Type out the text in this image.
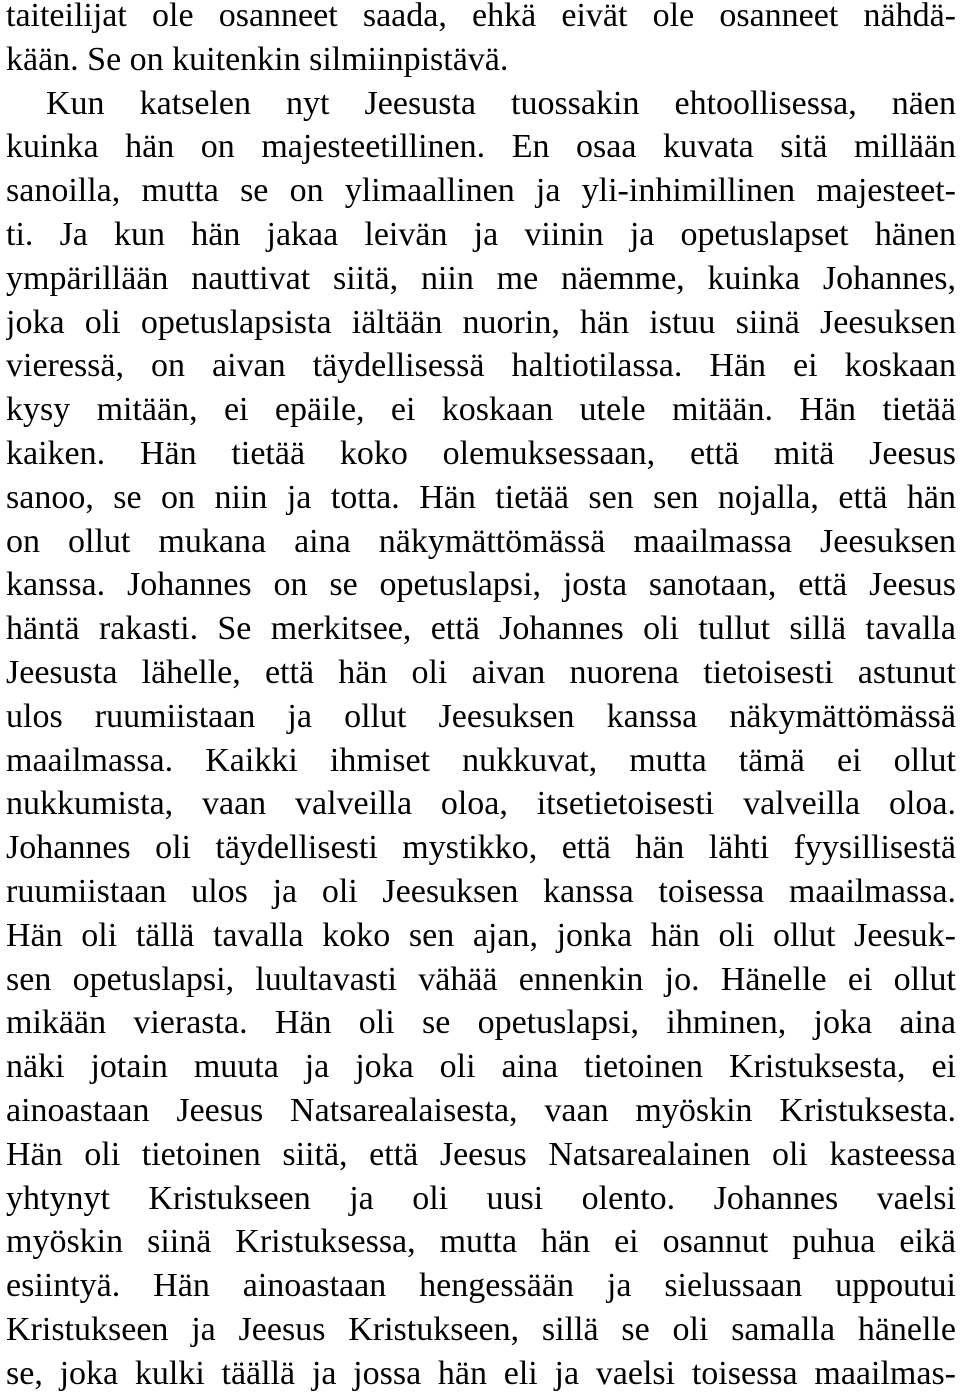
taiteilijat ole osanneet saada, ehkä eivät ole osanneet nähdä-
kään. Se on kuitenkin silmiinpistävä.
Kun katselen nyt Jeesusta tuossakin ehtoollisessa, näen
kuinka hän on majesteetillinen. En osaa kuvata sitä millään
sanoilla, mutta se on ylimaallinen ja yli-inhimillinen majesteet-
ti. Ja kun hän jakaa leivän ja viinin ja opetuslapset hänen
ympärillään nauttivat siitä, niin me näemme, kuinka Johannes,
joka oli opetuslapsista iältään nuorin, hän istuu siinä Jeesuksen
vieressä, on aivan täydellisessä haltiotilassa. Hän ei koskaan
kysy mitään, ei epäile, ei koskaan utele mitään. Hän tietää
kaiken. Hän tietää koko olemuksessaan, että mitä Jeesus
sanoo, se on niin ja totta. Hän tietää sen sen nojalla, että hän
on ollut mukana aina näkymättömässä maailmassa Jeesuksen
kanssa. Johannes on se opetuslapsi, josta sanotaan, että Jeesus
häntä rakasti. Se merkitsee, että Johannes oli tullut sillä tavalla
Jeesusta lähelle, että hän oli aivan nuorena tietoisesti astunut
ulos ruumiistaan ja ollut Jeesuksen kanssa näkymättömässä
maailmassa. Kaikki ihmiset nukkuvat, mutta tämä ei ollut
nukkumista, vaan valveilla oloa, itsetietoisesti valveilla oloa.
Johannes oli täydellisesti mystikko, että hän lähti fyysillisestä
ruumiistaan ulos ja oli Jeesuksen kanssa toisessa maailmassa.
Hän oli tällä tavalla koko sen ajan, jonka hän oli ollut Jeesuk-
sen opetuslapsi, luultavasti vähää ennenkin jo. Hänelle ei ollut
mikään vierasta. Hän oli se opetuslapsi, ihminen, joka aina
näki jotain muuta ja joka oli aina tietoinen Kristuksesta, ei
ainoastaan Jeesus Natsarealaisesta, vaan myöskin Kristuksesta.
Hän oli tietoinen siitä, että Jeesus Natsarealainen oli kasteessa
yhtynyt Kristukseen ja oli uusi olento. Johannes vaelsi
myöskin siinä Kristuksessa, mutta hän ei osannut puhua eikä
esiintyä. Hän ainoastaan hengessään ja sielussaan uppoutui
Kristukseen ja Jeesus Kristukseen, sillä se oli samalla hänelle
se, joka kulki täällä ja jossa hän eli ja vaelsi toisessa maailmas-
